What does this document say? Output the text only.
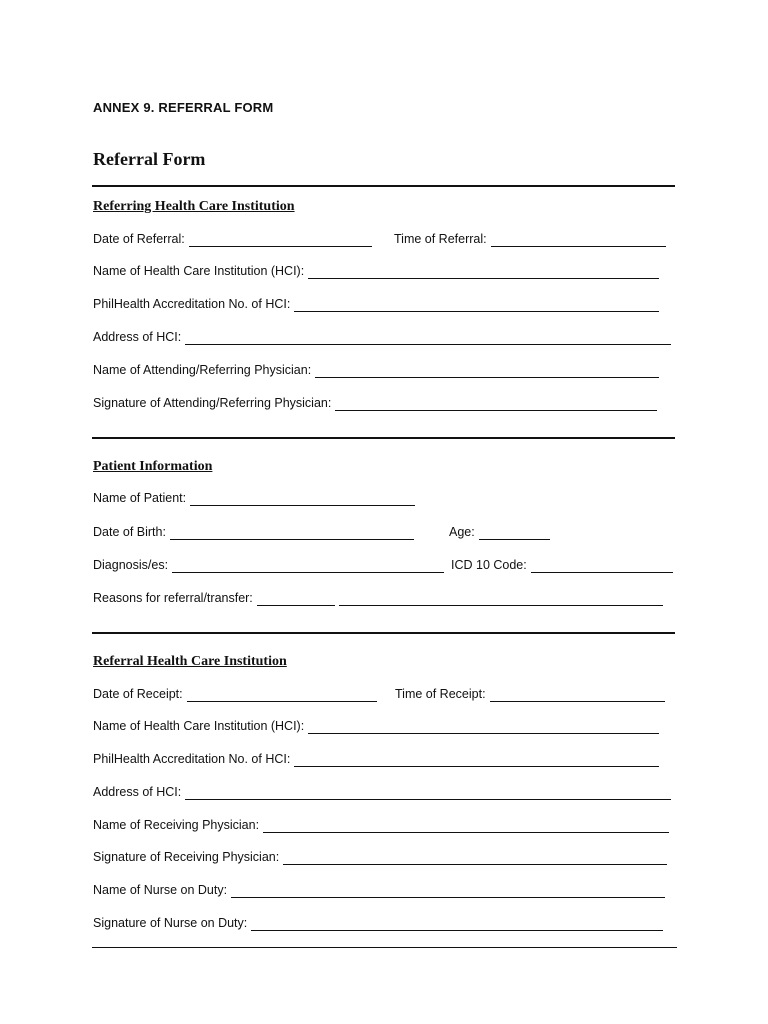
ANNEX 9. REFERRAL FORM
Referral Form
Referring Health Care Institution
Date of Referral:	Time of Referral:
Name of Health Care Institution (HCI):
PhilHealth Accreditation No. of HCI:
Address of HCI:
Name of Attending/Referring Physician:
Signature of Attending/Referring Physician:
Patient Information
Name of Patient:
Date of Birth:	Age:
Diagnosis/es:	ICD 10 Code:
Reasons for referral/transfer:
Referral Health Care Institution
Date of Receipt:	Time of Receipt:
Name of Health Care Institution (HCI):
PhilHealth Accreditation No. of HCI:
Address of HCI:
Name of Receiving Physician:
Signature of Receiving Physician:
Name of Nurse on Duty:
Signature of Nurse on Duty:
